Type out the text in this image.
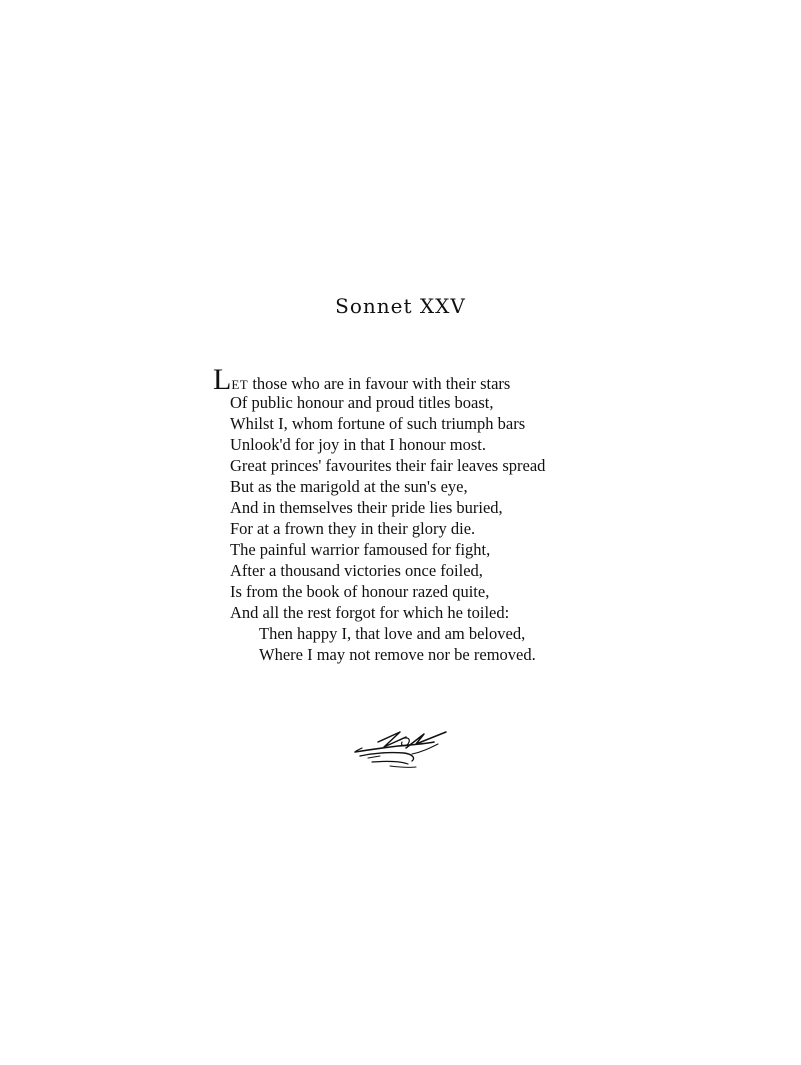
Sonnet XXV
LET those who are in favour with their stars
Of public honour and proud titles boast,
Whilst I, whom fortune of such triumph bars
Unlook'd for joy in that I honour most.
Great princes' favourites their fair leaves spread
But as the marigold at the sun's eye,
And in themselves their pride lies buried,
For at a frown they in their glory die.
The painful warrior famoused for fight,
After a thousand victories once foiled,
Is from the book of honour razed quite,
And all the rest forgot for which he toiled:
Then happy I, that love and am beloved,
Where I may not remove nor be removed.
